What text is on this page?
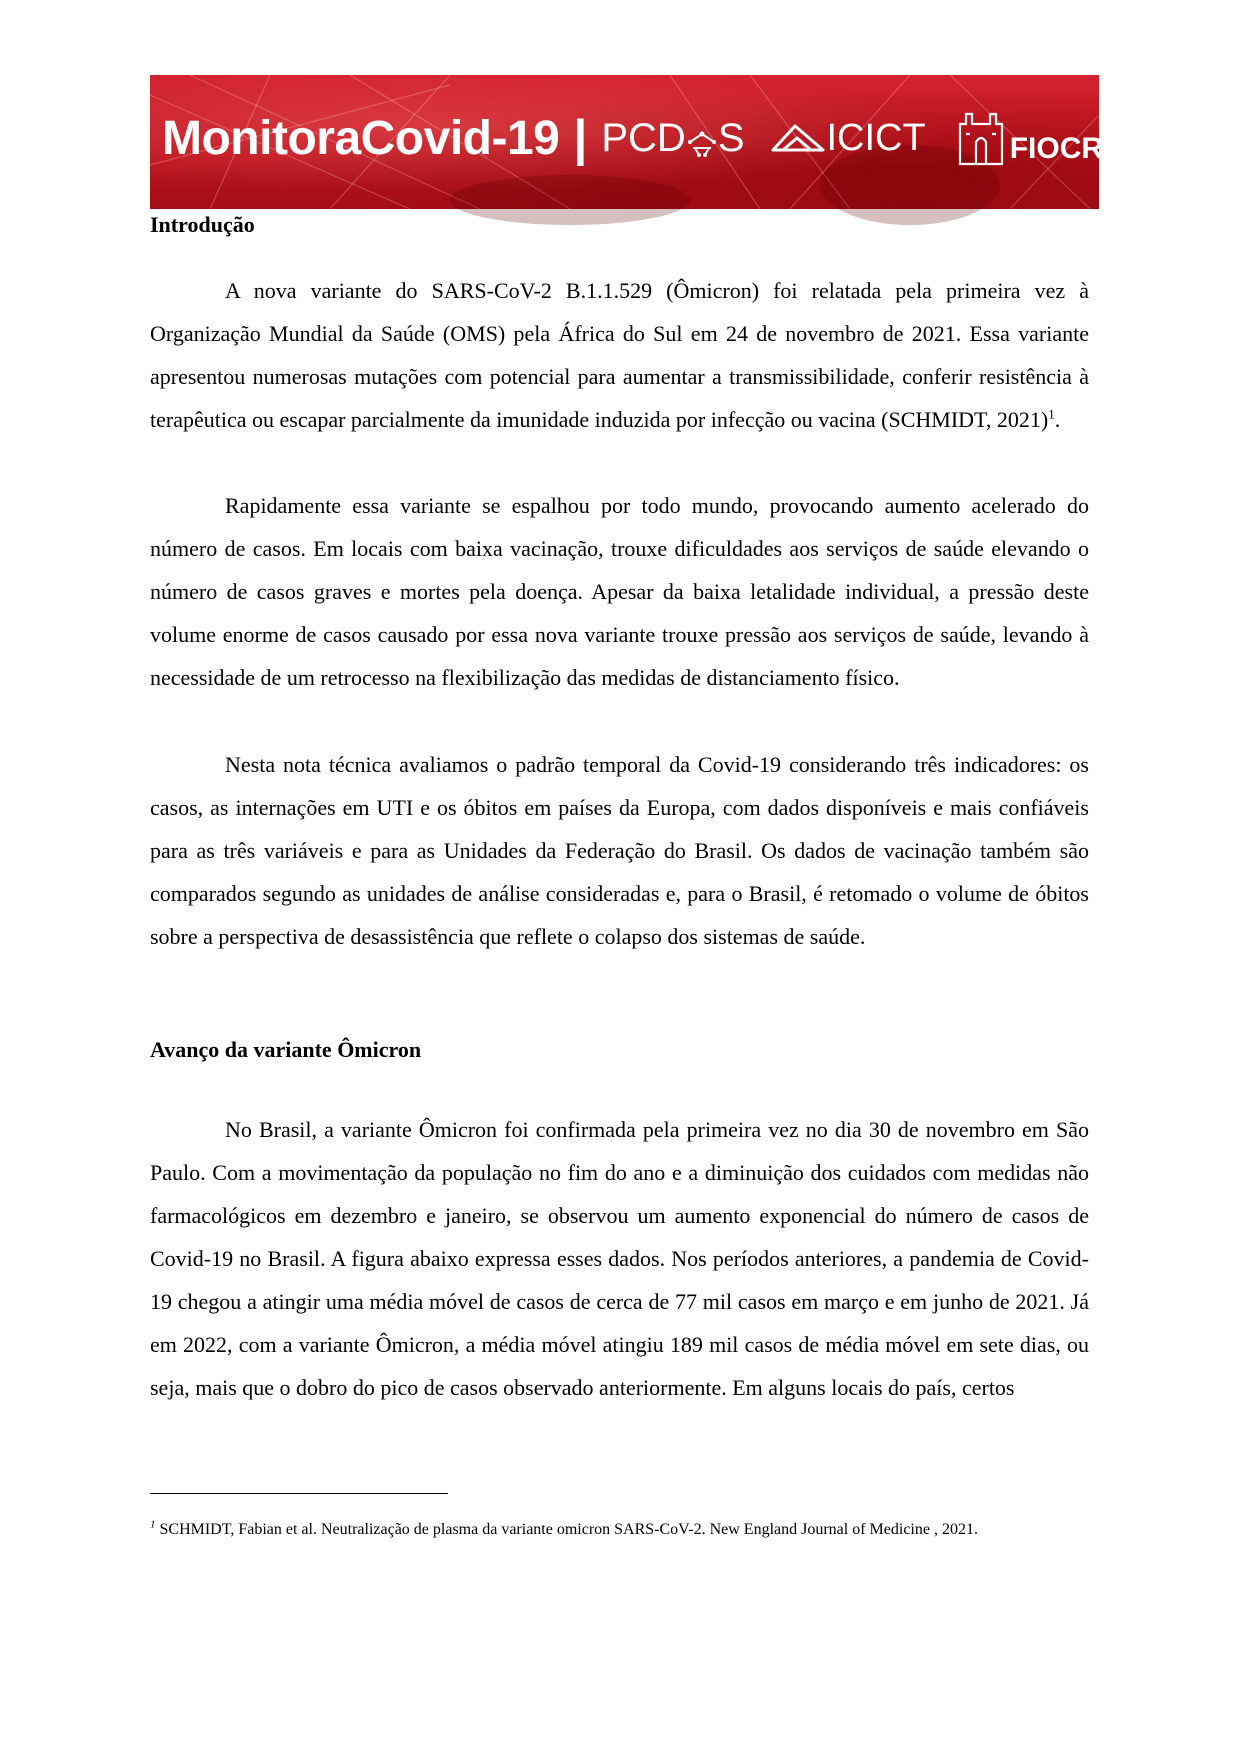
MonitoraCovid-19 | PCD S ICICT	FIOCRUZ
Introdução

A nova variante do SARS-CoV-2 B.1.1.529 (Ômicron) foi relatada pela primeira vez à Organização Mundial da Saúde (OMS) pela África do Sul em 24 de novembro de 2021. Essa variante apresentou numerosas mutações com potencial para aumentar a transmissibilidade, conferir resistência à terapêutica ou escapar parcialmente da imunidade induzida por infecção ou vacina (SCHMIDT, 2021)$^1$.

Rapidamente essa variante se espalhou por todo mundo, provocando aumento acelerado do número de casos. Em locais com baixa vacinação, trouxe dificuldades aos serviços de saúde elevando o número de casos graves e mortes pela doença. Apesar da baixa letalidade individual, a pressão deste volume enorme de casos causado por essa nova variante trouxe pressão aos serviços de saúde, levando à necessidade de um retrocesso na flexibilização das medidas de distanciamento físico.

Nesta nota técnica avaliamos o padrão temporal da Covid-19 considerando três indicadores: os casos, as internações em UTI e os óbitos em países da Europa, com dados disponíveis e mais confiáveis para as três variáveis e para as Unidades da Federação do Brasil. Os dados de vacinação também são comparados segundo as unidades de análise consideradas e, para o Brasil, é retomado o volume de óbitos sobre a perspectiva de desassistência que reflete o colapso dos sistemas de saúde.

Avanço da variante Ômicron

No Brasil, a variante Ômicron foi confirmada pela primeira vez no dia 30 de novembro em São Paulo. Com a movimentação da população no fim do ano e a diminuição dos cuidados com medidas não farmacológicos em dezembro e janeiro, se observou um aumento exponencial do número de casos de Covid-19 no Brasil. A figura abaixo expressa esses dados. Nos períodos anteriores, a pandemia de Covid-19 chegou a atingir uma média móvel de casos de cerca de 77 mil casos em março e em junho de 2021. Já em 2022, com a variante Ômicron, a média móvel atingiu 189 mil casos de média móvel em sete dias, ou seja, mais que o dobro do pico de casos observado anteriormente. Em alguns locais do país, certos

$^1$ SCHMIDT, Fabian et al. Neutralização de plasma da variante omicron SARS-CoV-2. New England Journal of Medicine , 2021.
